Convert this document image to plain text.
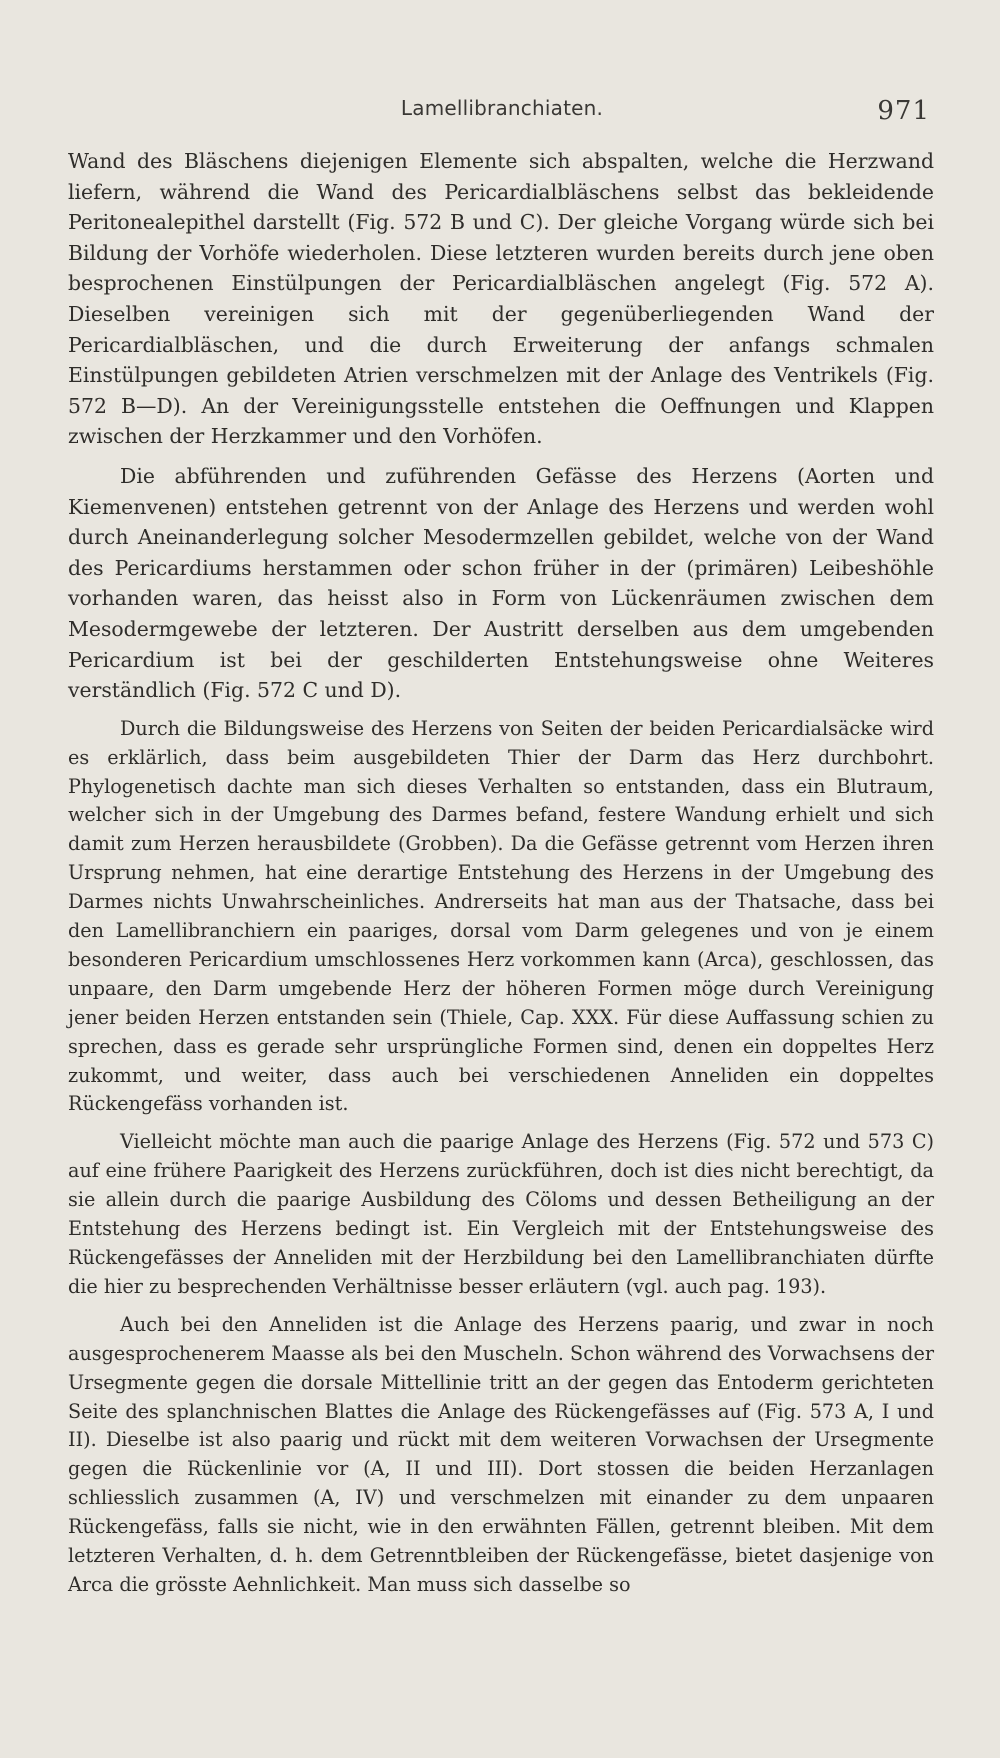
Lamellibranchiaten.	971

Wand des Bläschens diejenigen Elemente sich abspalten, welche die Herzwand liefern, während die Wand des Pericardialbläschens selbst das bekleidende Peritonealepithel darstellt (Fig. 572 B und C). Der gleiche Vorgang würde sich bei Bildung der Vorhöfe wiederholen. Diese letzteren wurden bereits durch jene oben besprochenen Einstülpungen der Pericardialbläschen angelegt (Fig. 572 A). Dieselben vereinigen sich mit der gegenüberliegenden Wand der Pericardialbläschen, und die durch Erweiterung der anfangs schmalen Einstülpungen gebildeten Atrien verschmelzen mit der Anlage des Ventrikels (Fig. 572 B—D). An der Vereinigungsstelle entstehen die Oeffnungen und Klappen zwischen der Herzkammer und den Vorhöfen.

Die abführenden und zuführenden Gefässe des Herzens (Aorten und Kiemenvenen) entstehen getrennt von der Anlage des Herzens und werden wohl durch Aneinanderlegung solcher Mesodermzellen gebildet, welche von der Wand des Pericardiums herstammen oder schon früher in der (primären) Leibeshöhle vorhanden waren, das heisst also in Form von Lückenräumen zwischen dem Mesodermgewebe der letzteren. Der Austritt derselben aus dem umgebenden Pericardium ist bei der geschilderten Entstehungsweise ohne Weiteres verständlich (Fig. 572 C und D).

Durch die Bildungsweise des Herzens von Seiten der beiden Pericardialsäcke wird es erklärlich, dass beim ausgebildeten Thier der Darm das Herz durchbohrt. Phylogenetisch dachte man sich dieses Verhalten so entstanden, dass ein Blutraum, welcher sich in der Umgebung des Darmes befand, festere Wandung erhielt und sich damit zum Herzen herausbildete (Grobben). Da die Gefässe getrennt vom Herzen ihren Ursprung nehmen, hat eine derartige Entstehung des Herzens in der Umgebung des Darmes nichts Unwahrscheinliches. Andrerseits hat man aus der Thatsache, dass bei den Lamellibranchiern ein paariges, dorsal vom Darm gelegenes und von je einem besonderen Pericardium umschlossenes Herz vorkommen kann (Arca), geschlossen, das unpaare, den Darm umgebende Herz der höheren Formen möge durch Vereinigung jener beiden Herzen entstanden sein (Thiele, Cap. XXX. Für diese Auffassung schien zu sprechen, dass es gerade sehr ursprüngliche Formen sind, denen ein doppeltes Herz zukommt, und weiter, dass auch bei verschiedenen Anneliden ein doppeltes Rückengefäss vorhanden ist.

Vielleicht möchte man auch die paarige Anlage des Herzens (Fig. 572 und 573 C) auf eine frühere Paarigkeit des Herzens zurückführen, doch ist dies nicht berechtigt, da sie allein durch die paarige Ausbildung des Cöloms und dessen Betheiligung an der Entstehung des Herzens bedingt ist. Ein Vergleich mit der Entstehungsweise des Rückengefässes der Anneliden mit der Herzbildung bei den Lamellibranchiaten dürfte die hier zu besprechenden Verhältnisse besser erläutern (vgl. auch pag. 193).

Auch bei den Anneliden ist die Anlage des Herzens paarig, und zwar in noch ausgesprochenerem Maasse als bei den Muscheln. Schon während des Vorwachsens der Ursegmente gegen die dorsale Mittellinie tritt an der gegen das Entoderm gerichteten Seite des splanchnischen Blattes die Anlage des Rückengefässes auf (Fig. 573 A, I und II). Dieselbe ist also paarig und rückt mit dem weiteren Vorwachsen der Ursegmente gegen die Rückenlinie vor (A, II und III). Dort stossen die beiden Herzanlagen schliesslich zusammen (A, IV) und verschmelzen mit einander zu dem unpaaren Rückengefäss, falls sie nicht, wie in den erwähnten Fällen, getrennt bleiben. Mit dem letzteren Verhalten, d. h. dem Getrenntbleiben der Rückengefässe, bietet dasjenige von Arca die grösste Aehnlichkeit. Man muss sich dasselbe so
